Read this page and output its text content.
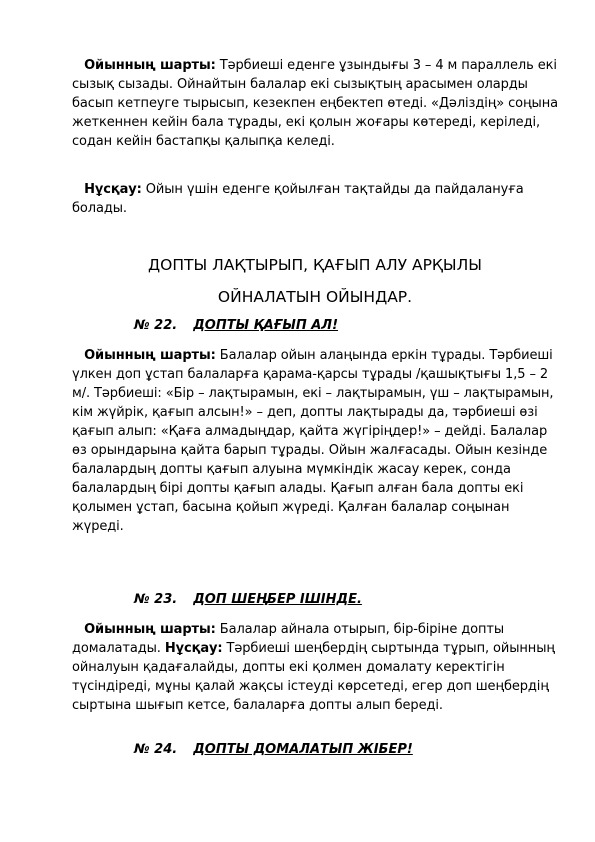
Ойынның шарты: Тәрбиеші еденге ұзындығы 3 – 4 м параллель екі сызық сызады. Ойнайтын балалар екі сызықтың арасымен оларды басып кетпеуге тырысып, кезекпен еңбектеп өтеді. «Дәліздің» соңына жеткеннен кейін бала тұрады, екі қолын жоғары көтереді, керіледі, содан кейін бастапқы қалыпқа келеді.

Нұсқау: Ойын үшін еденге қойылған тақтайды да пайдалануға болады.

ДОПТЫ ЛАҚТЫРЫП, ҚАҒЫП АЛУ АРҚЫЛЫ

ОЙНАЛАТЫН ОЙЫНДАР.

№ 22. ДОПТЫ ҚАҒЫП АЛ!

Ойынның шарты: Балалар ойын алаңында еркін тұрады. Тәрбиеші үлкен доп ұстап балаларға қарама-қарсы тұрады /қашықтығы 1,5 – 2 м/. Тәрбиеші: «Бір – лақтырамын, екі – лақтырамын, үш – лақтырамын, кім жүйрік, қағып алсын!» – деп, допты лақтырады да, тәрбиеші өзі қағып алып: «Қаға алмадыңдар, қайта жүгіріңдер!» – дейді. Балалар өз орындарына қайта барып тұрады. Ойын жалғасады. Ойын кезінде балалардың допты қағып алуына мүмкіндік жасау керек, сонда балалардың бірі допты қағып алады. Қағып алған бала допты екі қолымен ұстап, басына қойып жүреді. Қалған балалар соңынан жүреді.

№ 23. ДОП ШЕҢБЕР ІШІНДЕ.

Ойынның шарты: Балалар айнала отырып, бір-біріне допты домалатады. Нұсқау: Тәрбиеші шеңбердің сыртында тұрып, ойынның ойналуын қадағалайды, допты екі қолмен домалату керектігін түсіндіреді, мұны қалай жақсы істеуді көрсетеді, егер доп шеңбердің сыртына шығып кетсе, балаларға допты алып береді.

№ 24. ДОПТЫ ДОМАЛАТЫП ЖІБЕР!
